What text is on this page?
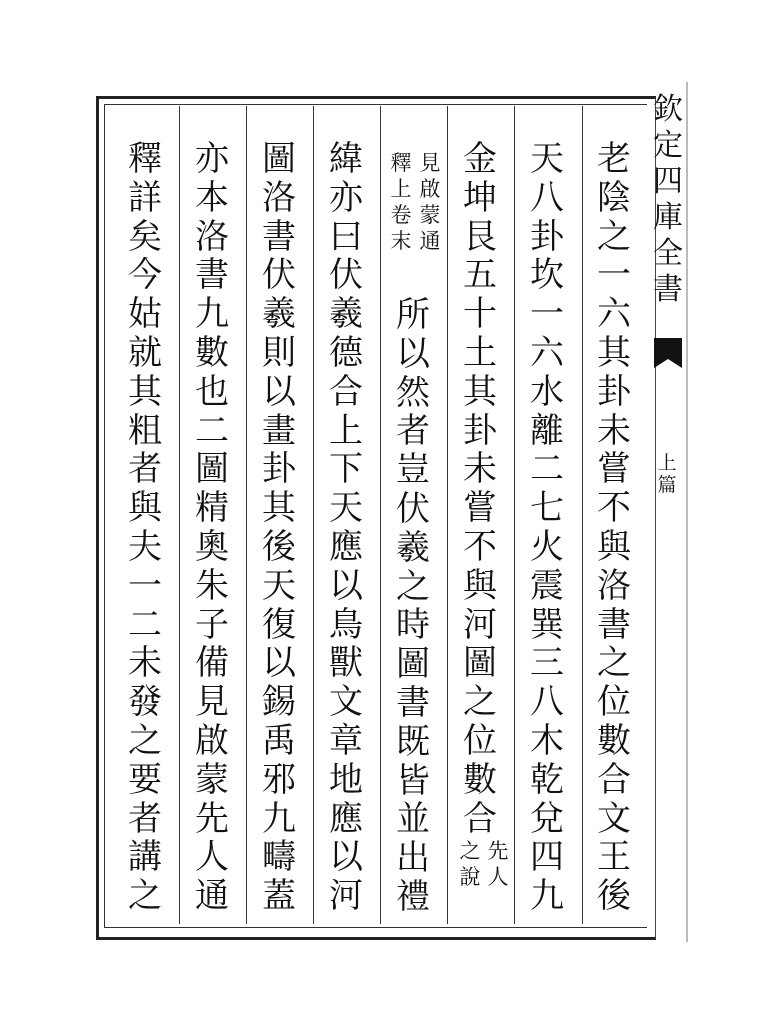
欽
定
四
庫
全
書
上
篇
老
陰
之
一
六
其
卦
未
嘗
不
與
洛
書
之
位
數
合
文
王
後
天
八
卦
坎
一
六
水
離
二
七
火
震
巽
三
八
木
乾
兌
四
九
金
坤
艮
五
十
土
其
卦
未
嘗
不
與
河
圖
之
位
數
合
先
人
之
說
見
啟
蒙
通
釋
上
卷
末
所
以
然
者
豈
伏
羲
之
時
圖
書
既
皆
並
出
禮
緯
亦
曰
伏
羲
德
合
上
下
天
應
以
鳥
獸
文
章
地
應
以
河
圖
洛
書
伏
羲
則
以
畫
卦
其
後
天
復
以
錫
禹
邪
九
疇
蓋
亦
本
洛
書
九
數
也
二
圖
精
奧
朱
子
備
見
啟
蒙
先
人
通
釋
詳
矣
今
姑
就
其
粗
者
與
夫
一
二
未
發
之
要
者
講
之
